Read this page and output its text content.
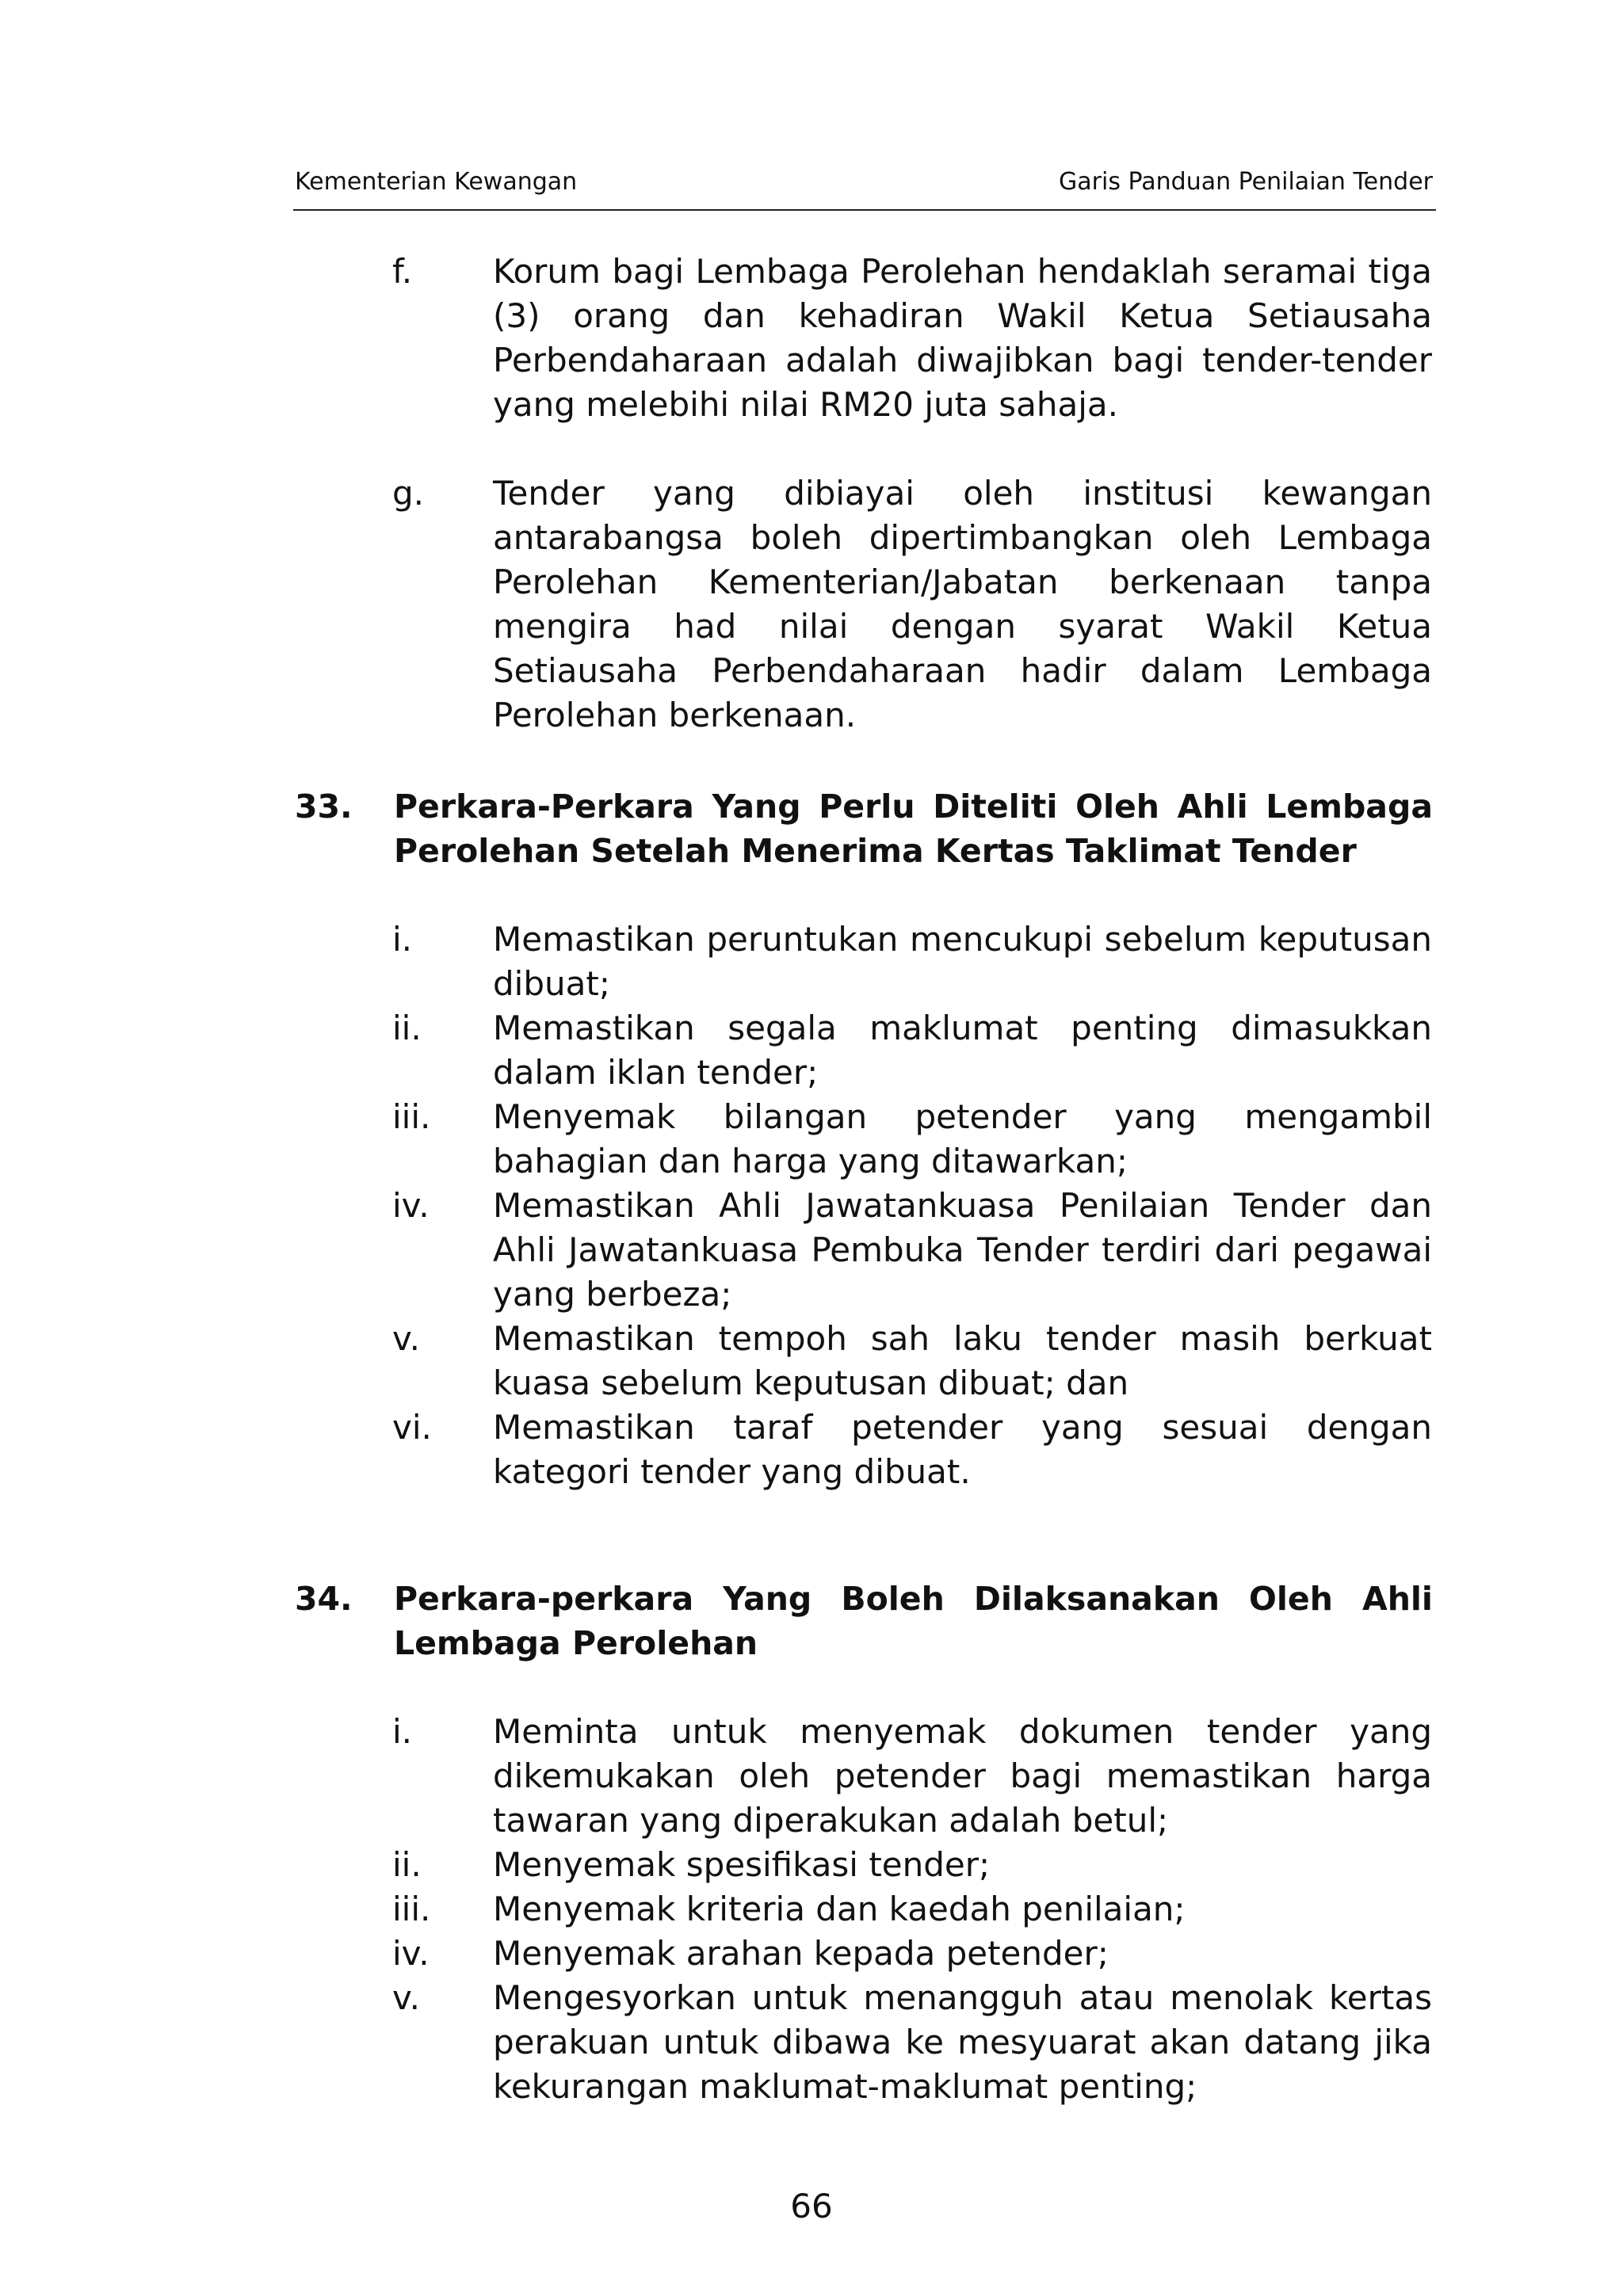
Kementerian Kewangan	Garis Panduan Penilaian Tender
f. Korum bagi Lembaga Perolehan hendaklah seramai tiga (3) orang dan kehadiran Wakil Ketua Setiausaha Perbendaharaan adalah diwajibkan bagi tender-tender yang melebihi nilai RM20 juta sahaja.
g. Tender yang dibiayai oleh institusi kewangan antarabangsa boleh dipertimbangkan oleh Lembaga Perolehan Kementerian/Jabatan berkenaan tanpa mengira had nilai dengan syarat Wakil Ketua Setiausaha Perbendaharaan hadir dalam Lembaga Perolehan berkenaan.
33. Perkara-Perkara Yang Perlu Diteliti Oleh Ahli Lembaga Perolehan Setelah Menerima Kertas Taklimat Tender
i. Memastikan peruntukan mencukupi sebelum keputusan dibuat;
ii. Memastikan segala maklumat penting dimasukkan dalam iklan tender;
iii. Menyemak bilangan petender yang mengambil bahagian dan harga yang ditawarkan;
iv. Memastikan Ahli Jawatankuasa Penilaian Tender dan Ahli Jawatankuasa Pembuka Tender terdiri dari pegawai yang berbeza;
v. Memastikan tempoh sah laku tender masih berkuat kuasa sebelum keputusan dibuat; dan
vi. Memastikan taraf petender yang sesuai dengan kategori tender yang dibuat.
34. Perkara-perkara Yang Boleh Dilaksanakan Oleh Ahli Lembaga Perolehan
i. Meminta untuk menyemak dokumen tender yang dikemukakan oleh petender bagi memastikan harga tawaran yang diperakukan adalah betul;
ii. Menyemak spesifikasi tender;
iii. Menyemak kriteria dan kaedah penilaian;
iv. Menyemak arahan kepada petender;
v. Mengesyorkan untuk menangguh atau menolak kertas perakuan untuk dibawa ke mesyuarat akan datang jika kekurangan maklumat-maklumat penting;
66
